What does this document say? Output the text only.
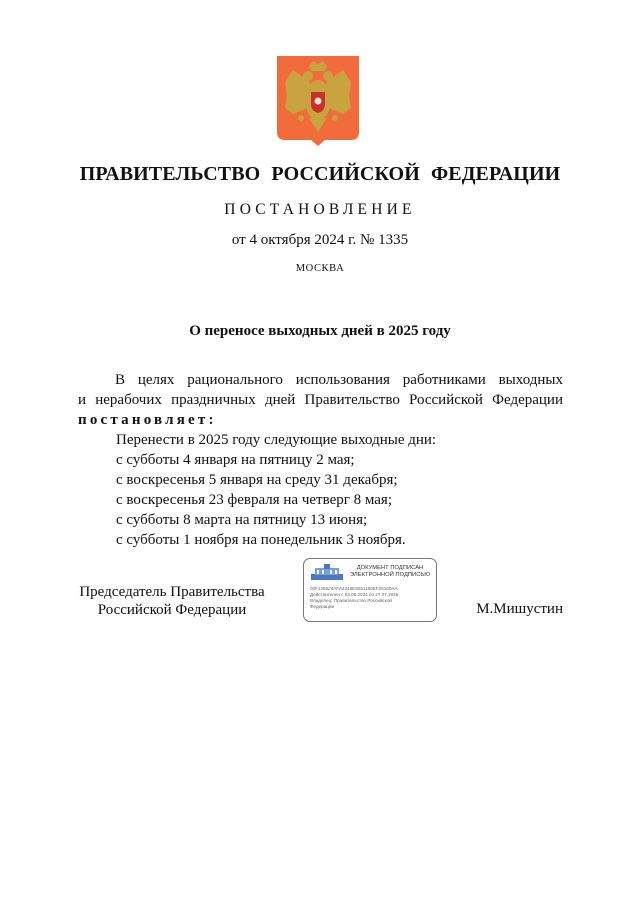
ПРАВИТЕЛЬСТВО РОССИЙСКОЙ ФЕДЕРАЦИИ
ПОСТАНОВЛЕНИЕ
от 4 октября 2024 г. № 1335
МОСКВА
О переносе выходных дней в 2025 году
В целях рационального использования работниками выходных
и нерабочих праздничных дней Правительство Российской Федерации
постановляет:
Перенести в 2025 году следующие выходные дни:
с субботы 4 января на пятницу 2 мая;
с воскресенья 5 января на среду 31 декабря;
с воскресенья 23 февраля на четверг 8 мая;
с субботы 8 марта на пятницу 13 июня;
с субботы 1 ноября на понедельник 3 ноября.
Председатель Правительства
Российской Федерации
ДОКУМЕНТ ПОДПИСАН
ЭЛЕКТРОННОЙ ПОДПИСЬЮ
00F128624AFA4248E5051180EF26160AA
Действителен с 03.05.2024 по 27.07.2025
Владелец: Правительство Российской
Федерации	М.Мишустин
